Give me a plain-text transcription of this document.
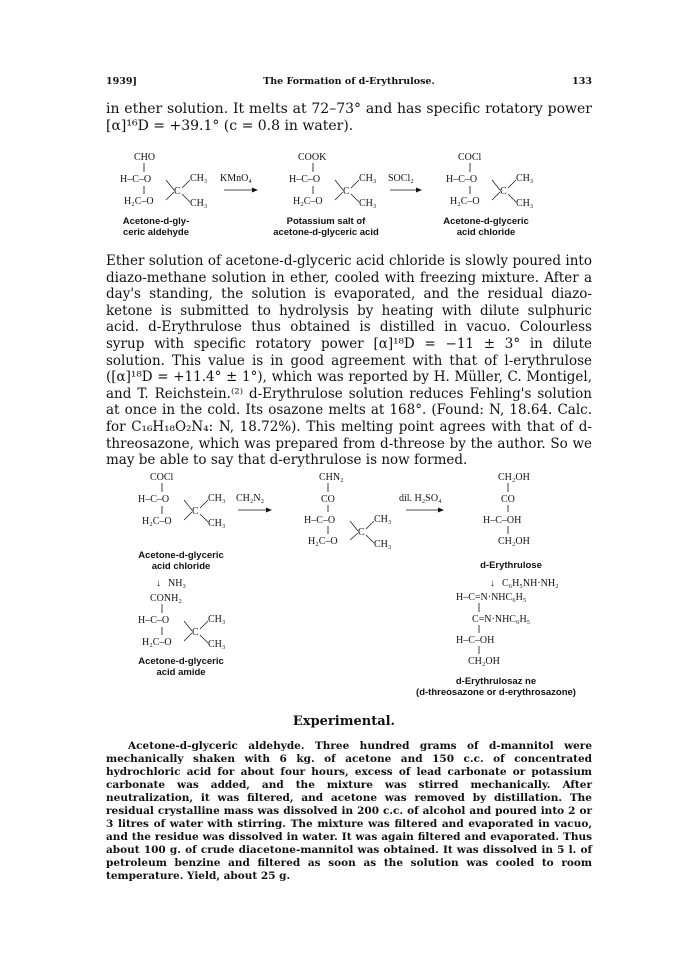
1939]	The Formation of d-Erythrulose.	133
in ether solution. It melts at 72–73° and has specific rotatory power [α]¹⁶D = +39.1° (c = 0.8 in water).
CHO
H–C–O
H₂C–O
C
CH₃
CH₃
KMnO₄
COOK
H–C–O
H₂C–O
C
CH₃
CH₃
SOCl₂
COCl
H–C–O
H₂C–O
C
CH₃
CH₃
Acetone-d-gly-
ceric aldehyde
Potassium salt of
acetone-d-glyceric acid
Acetone-d-glyceric
acid chloride
Ether solution of acetone-d-glyceric acid chloride is slowly poured into diazo-methane solution in ether, cooled with freezing mixture. After a day's standing, the solution is evaporated, and the residual diazo-ketone is submitted to hydrolysis by heating with dilute sulphuric acid. d-Erythrulose thus obtained is distilled in vacuo. Colourless syrup with specific rotatory power [α]¹⁸D = −11 ± 3° in dilute solution. This value is in good agreement with that of l-erythrulose ([α]¹⁸D = +11.4° ± 1°), which was reported by H. Müller, C. Montigel, and T. Reichstein.⁽²⁾ d-Erythrulose solution reduces Fehling's solution at once in the cold. Its osazone melts at 168°. (Found: N, 18.64. Calc. for C₁₆H₁₈O₂N₄: N, 18.72%). This melting point agrees with that of d-threosazone, which was prepared from d-threose by the author. So we may be able to say that d-erythrulose is now formed.
COCl
H–C–O
H₂C–O
C
CH₃
CH₃
CH₂N₂
CHN₂
CO
H–C–O
H₂C–O
C
CH₃
CH₃
dil. H₂SO₄
CH₂OH
CO
H–C–OH
CH₂OH
↓ NH₃
CONH₂
H–C–O
H₂C–O
C
CH₃
CH₃
↓ C₆H₅NH·NH₂
H–C=N·NHC₆H₅
C=N·NHC₆H₅
H–C–OH
CH₂OH
Acetone-d-glyceric
acid chloride	d-Erythrulose
Acetone-d-glyceric
acid amide
d-Erythrulosaz ne
(d-threosazone or d-erythrosazone)
Experimental.
Acetone-d-glyceric aldehyde. Three hundred grams of d-mannitol were mechanically shaken with 6 kg. of acetone and 150 c.c. of concentrated hydrochloric acid for about four hours, excess of lead carbonate or potassium carbonate was added, and the mixture was stirred mechanically. After neutralization, it was filtered, and acetone was removed by distillation. The residual crystalline mass was dissolved in 200 c.c. of alcohol and poured into 2 or 3 litres of water with stirring. The mixture was filtered and evaporated in vacuo, and the residue was dissolved in water. It was again filtered and evaporated. Thus about 100 g. of crude diacetone-mannitol was obtained. It was dissolved in 5 l. of petroleum benzine and filtered as soon as the solution was cooled to room temperature. Yield, about 25 g.
